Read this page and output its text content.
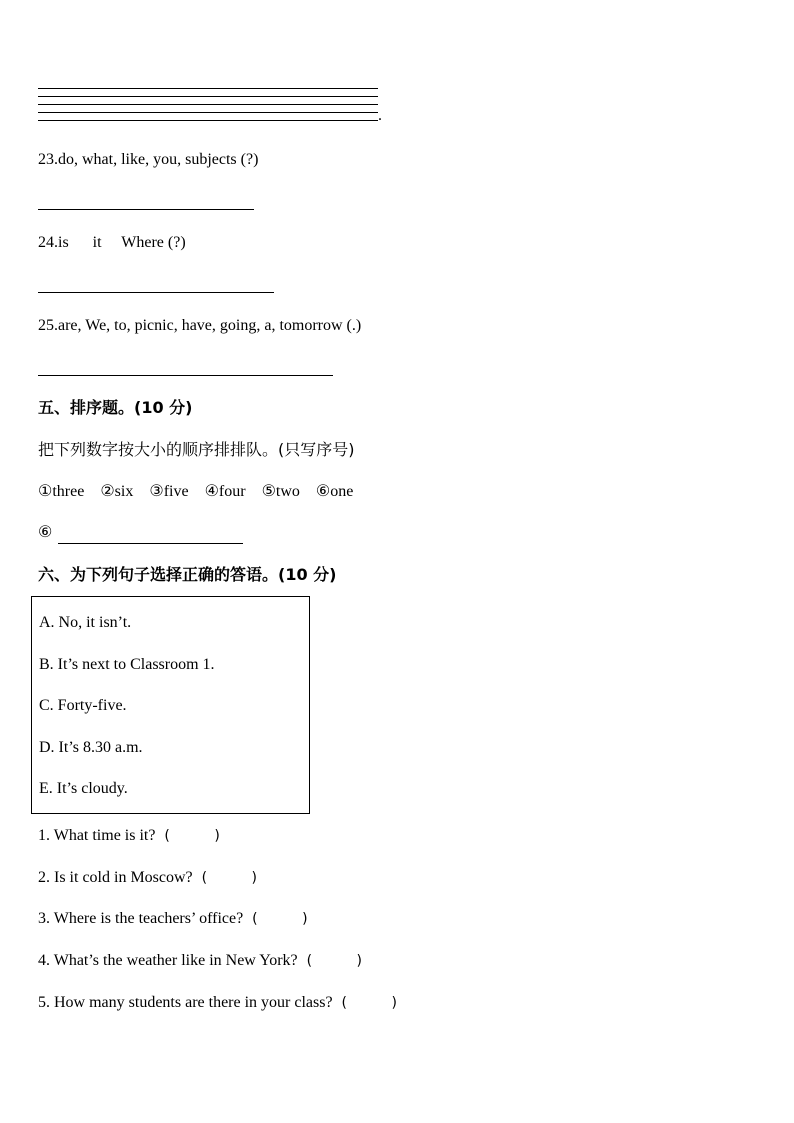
.
23.do, what, like, you, subjects (?)
24.is      it     Where (?)
25.are, We, to, picnic, have, going, a, tomorrow (.)
五、排序题。(10 分)
把下列数字按大小的顺序排排队。(只写序号)
①three ②six ③five ④four ⑤two ⑥one
⑥
六、为下列句子选择正确的答语。(10 分)
A. No, it isn’t.
B. It’s next to Classroom 1.
C. Forty-five.
D. It’s 8.30 a.m.
E. It’s cloudy.
1. What time is it? (	)
2. Is it cold in Moscow? (	)
3. Where is the teachers’ office? (	)
4. What’s the weather like in New York? (	)
5. How many students are there in your class? (	)
